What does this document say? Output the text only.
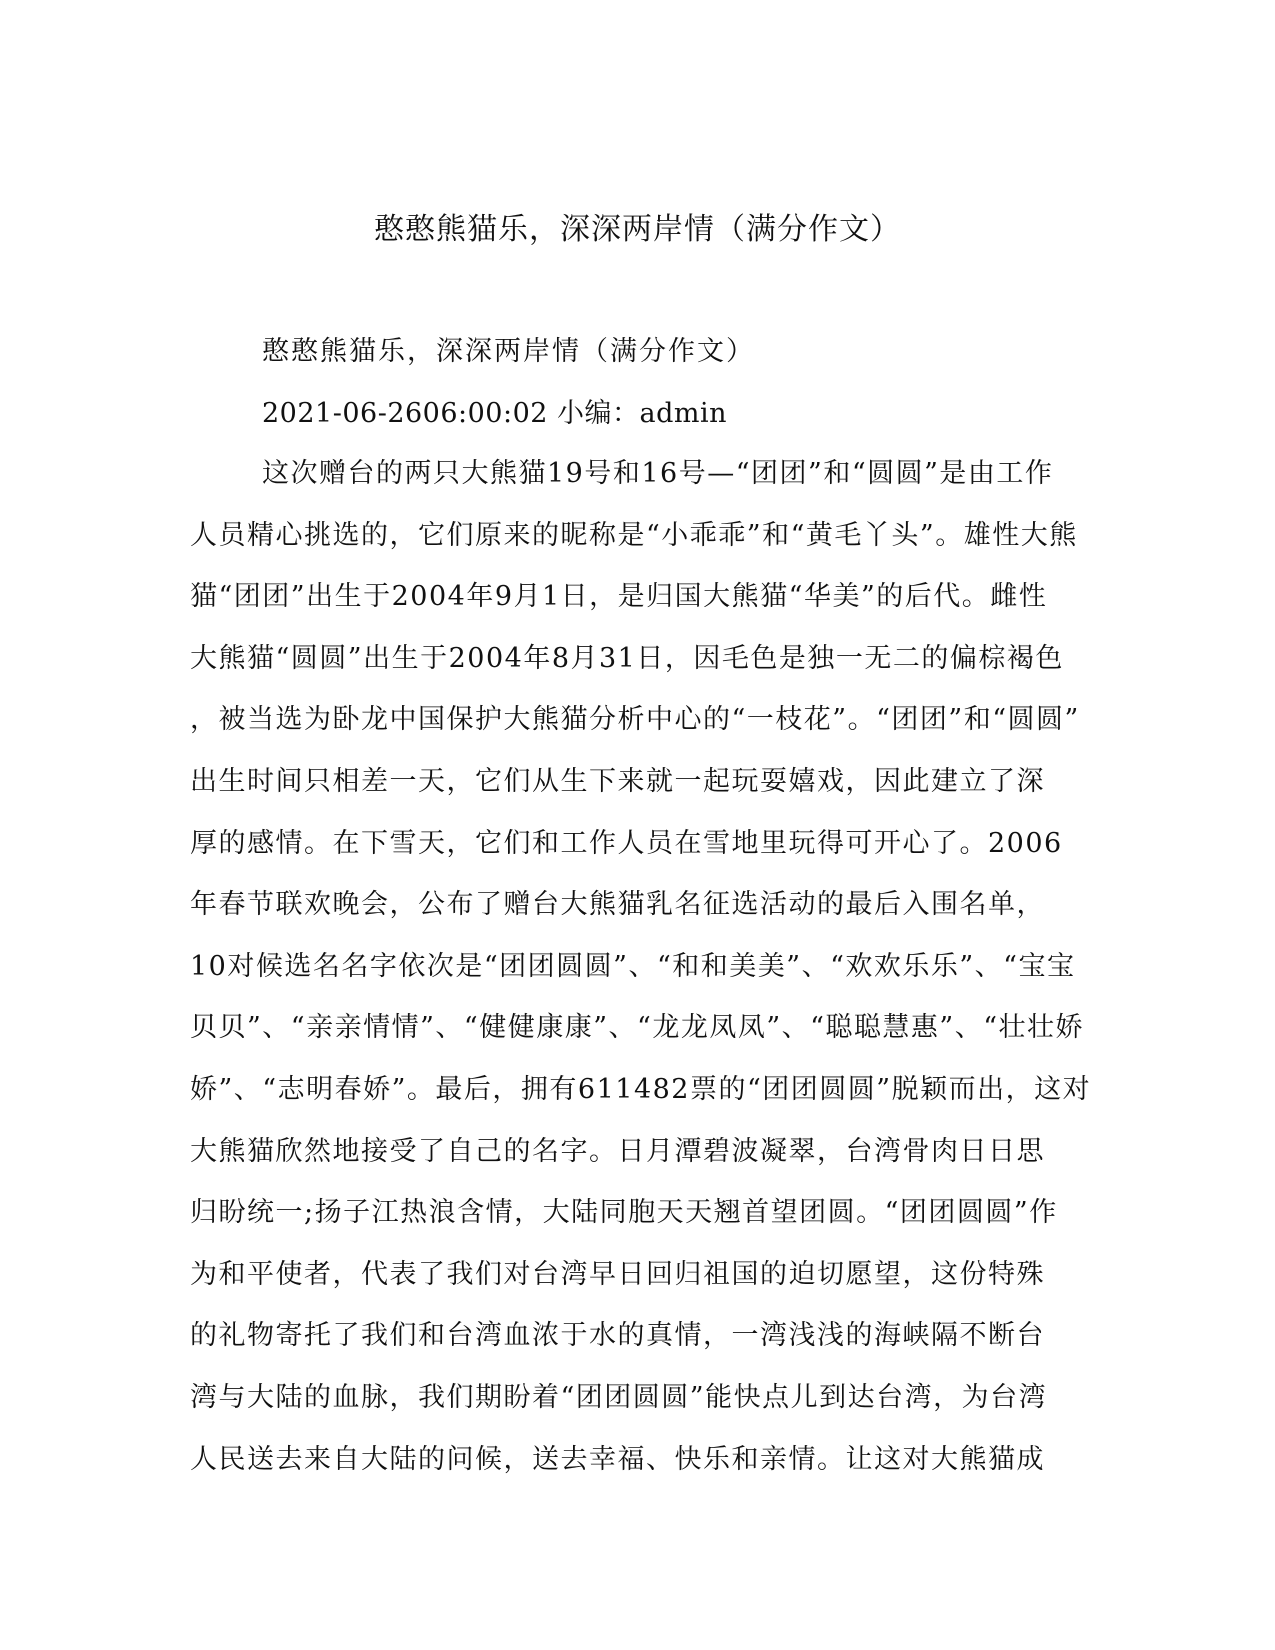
憨憨熊猫乐，深深两岸情（满分作文）

憨憨熊猫乐，深深两岸情（满分作文）

2021-06-2606:00:02 小编：admin

这次赠台的两只大熊猫19号和16号—“团团”和“圆圆”是由工作

人员精心挑选的，它们原来的昵称是“小乖乖”和“黄毛丫头”。雄性大熊

猫“团团”出生于2004年9月1日，是归国大熊猫“华美”的后代。雌性

大熊猫“圆圆”出生于2004年8月31日，因毛色是独一无二的偏棕褐色

，被当选为卧龙中国保护大熊猫分析中心的“一枝花”。“团团”和“圆圆”

出生时间只相差一天，它们从生下来就一起玩耍嬉戏，因此建立了深

厚的感情。在下雪天，它们和工作人员在雪地里玩得可开心了。2006

年春节联欢晚会，公布了赠台大熊猫乳名征选活动的最后入围名单，

10对候选名名字依次是“团团圆圆”、“和和美美”、“欢欢乐乐”、“宝宝

贝贝”、“亲亲情情”、“健健康康”、“龙龙凤凤”、“聪聪慧惠”、“壮壮娇

娇”、“志明春娇”。最后，拥有611482票的“团团圆圆”脱颖而出，这对

大熊猫欣然地接受了自己的名字。日月潭碧波凝翠，台湾骨肉日日思

归盼统一;扬子江热浪含情，大陆同胞天天翘首望团圆。“团团圆圆”作

为和平使者，代表了我们对台湾早日回归祖国的迫切愿望，这份特殊

的礼物寄托了我们和台湾血浓于水的真情，一湾浅浅的海峡隔不断台

湾与大陆的血脉，我们期盼着“团团圆圆”能快点儿到达台湾，为台湾

人民送去来自大陆的问候，送去幸福、快乐和亲情。让这对大熊猫成
